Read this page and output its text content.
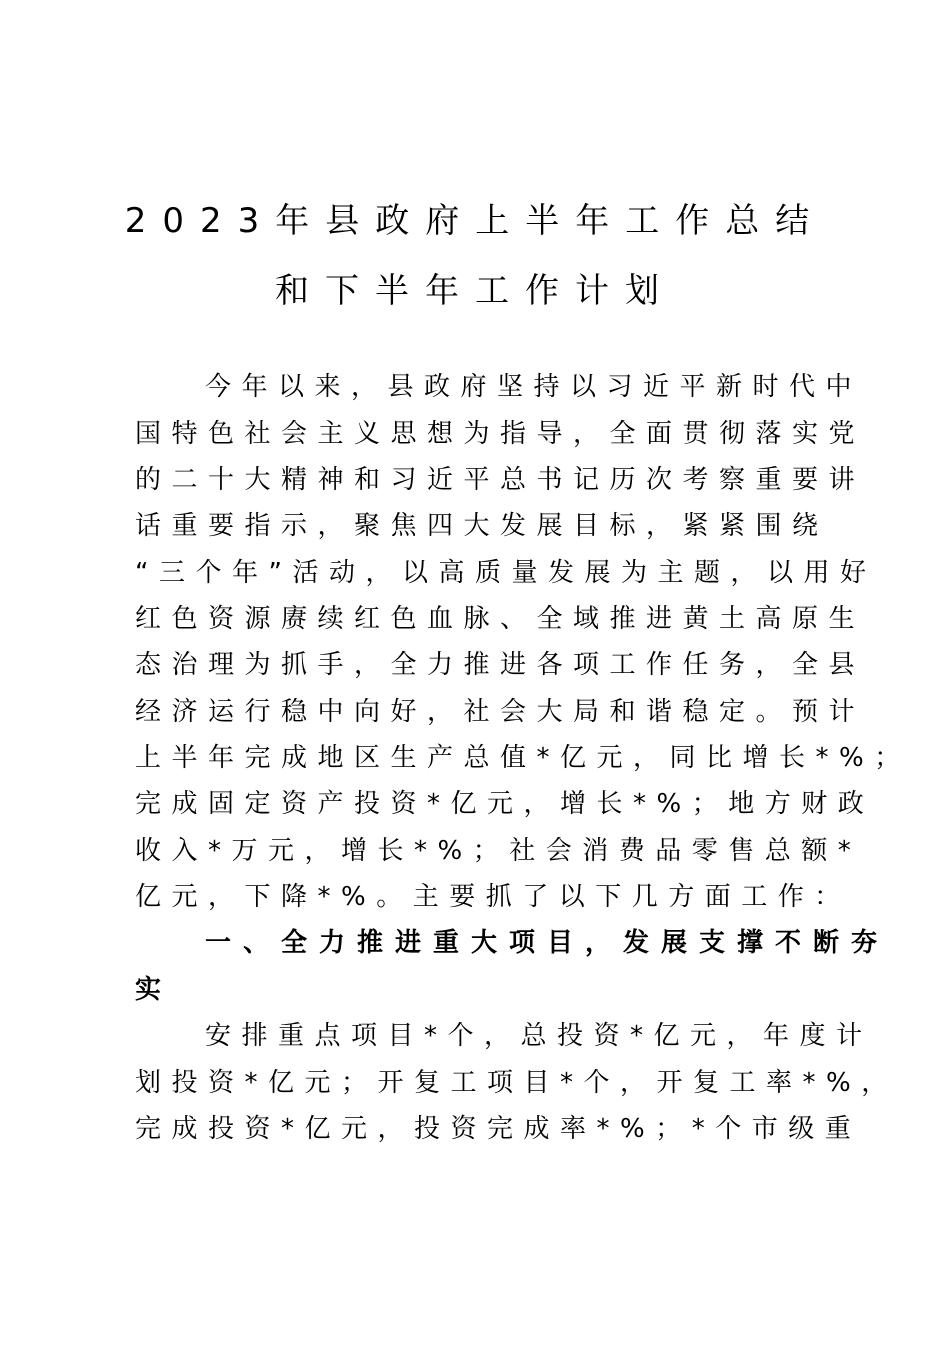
2023年县政府上半年工作总结
和下半年工作计划
今年以来，县政府坚持以习近平新时代中
国特色社会主义思想为指导，全面贯彻落实党
的二十大精神和习近平总书记历次考察重要讲
话重要指示，聚焦四大发展目标，紧紧围绕
“三个年”活动，以高质量发展为主题，以用好
红色资源赓续红色血脉、全域推进黄土高原生
态治理为抓手，全力推进各项工作任务，全县
经济运行稳中向好，社会大局和谐稳定。预计
上半年完成地区生产总值*亿元，同比增长*%；
完成固定资产投资*亿元，增长*%；地方财政
收入*万元，增长*%；社会消费品零售总额*
亿元，下降*%。主要抓了以下几方面工作：
一、全力推进重大项目，发展支撑不断夯
实
安排重点项目*个，总投资*亿元，年度计
划投资*亿元；开复工项目*个，开复工率*%，
完成投资*亿元，投资完成率*%；*个市级重
